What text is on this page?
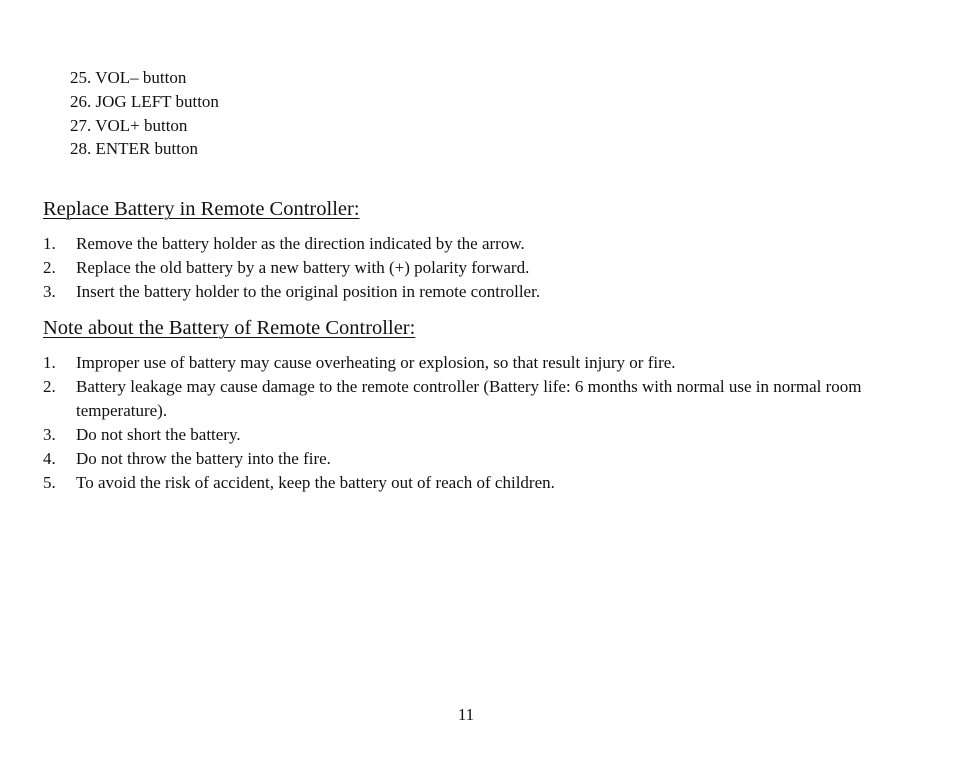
25. VOL– button
26. JOG LEFT button
27. VOL+ button
28. ENTER button
Replace Battery in Remote Controller:
1.	Remove the battery holder as the direction indicated by the arrow.
2.	Replace the old battery by a new battery with (+) polarity forward.
3.	Insert the battery holder to the original position in remote controller.
Note about the Battery of Remote Controller:
1.	Improper use of battery may cause overheating or explosion, so that result injury or fire.
2.	Battery leakage may cause damage to the remote controller (Battery life: 6 months with normal use in normal room temperature).
3.	Do not short the battery.
4.	Do not throw the battery into the fire.
5.	To avoid the risk of accident, keep the battery out of reach of children.
11
